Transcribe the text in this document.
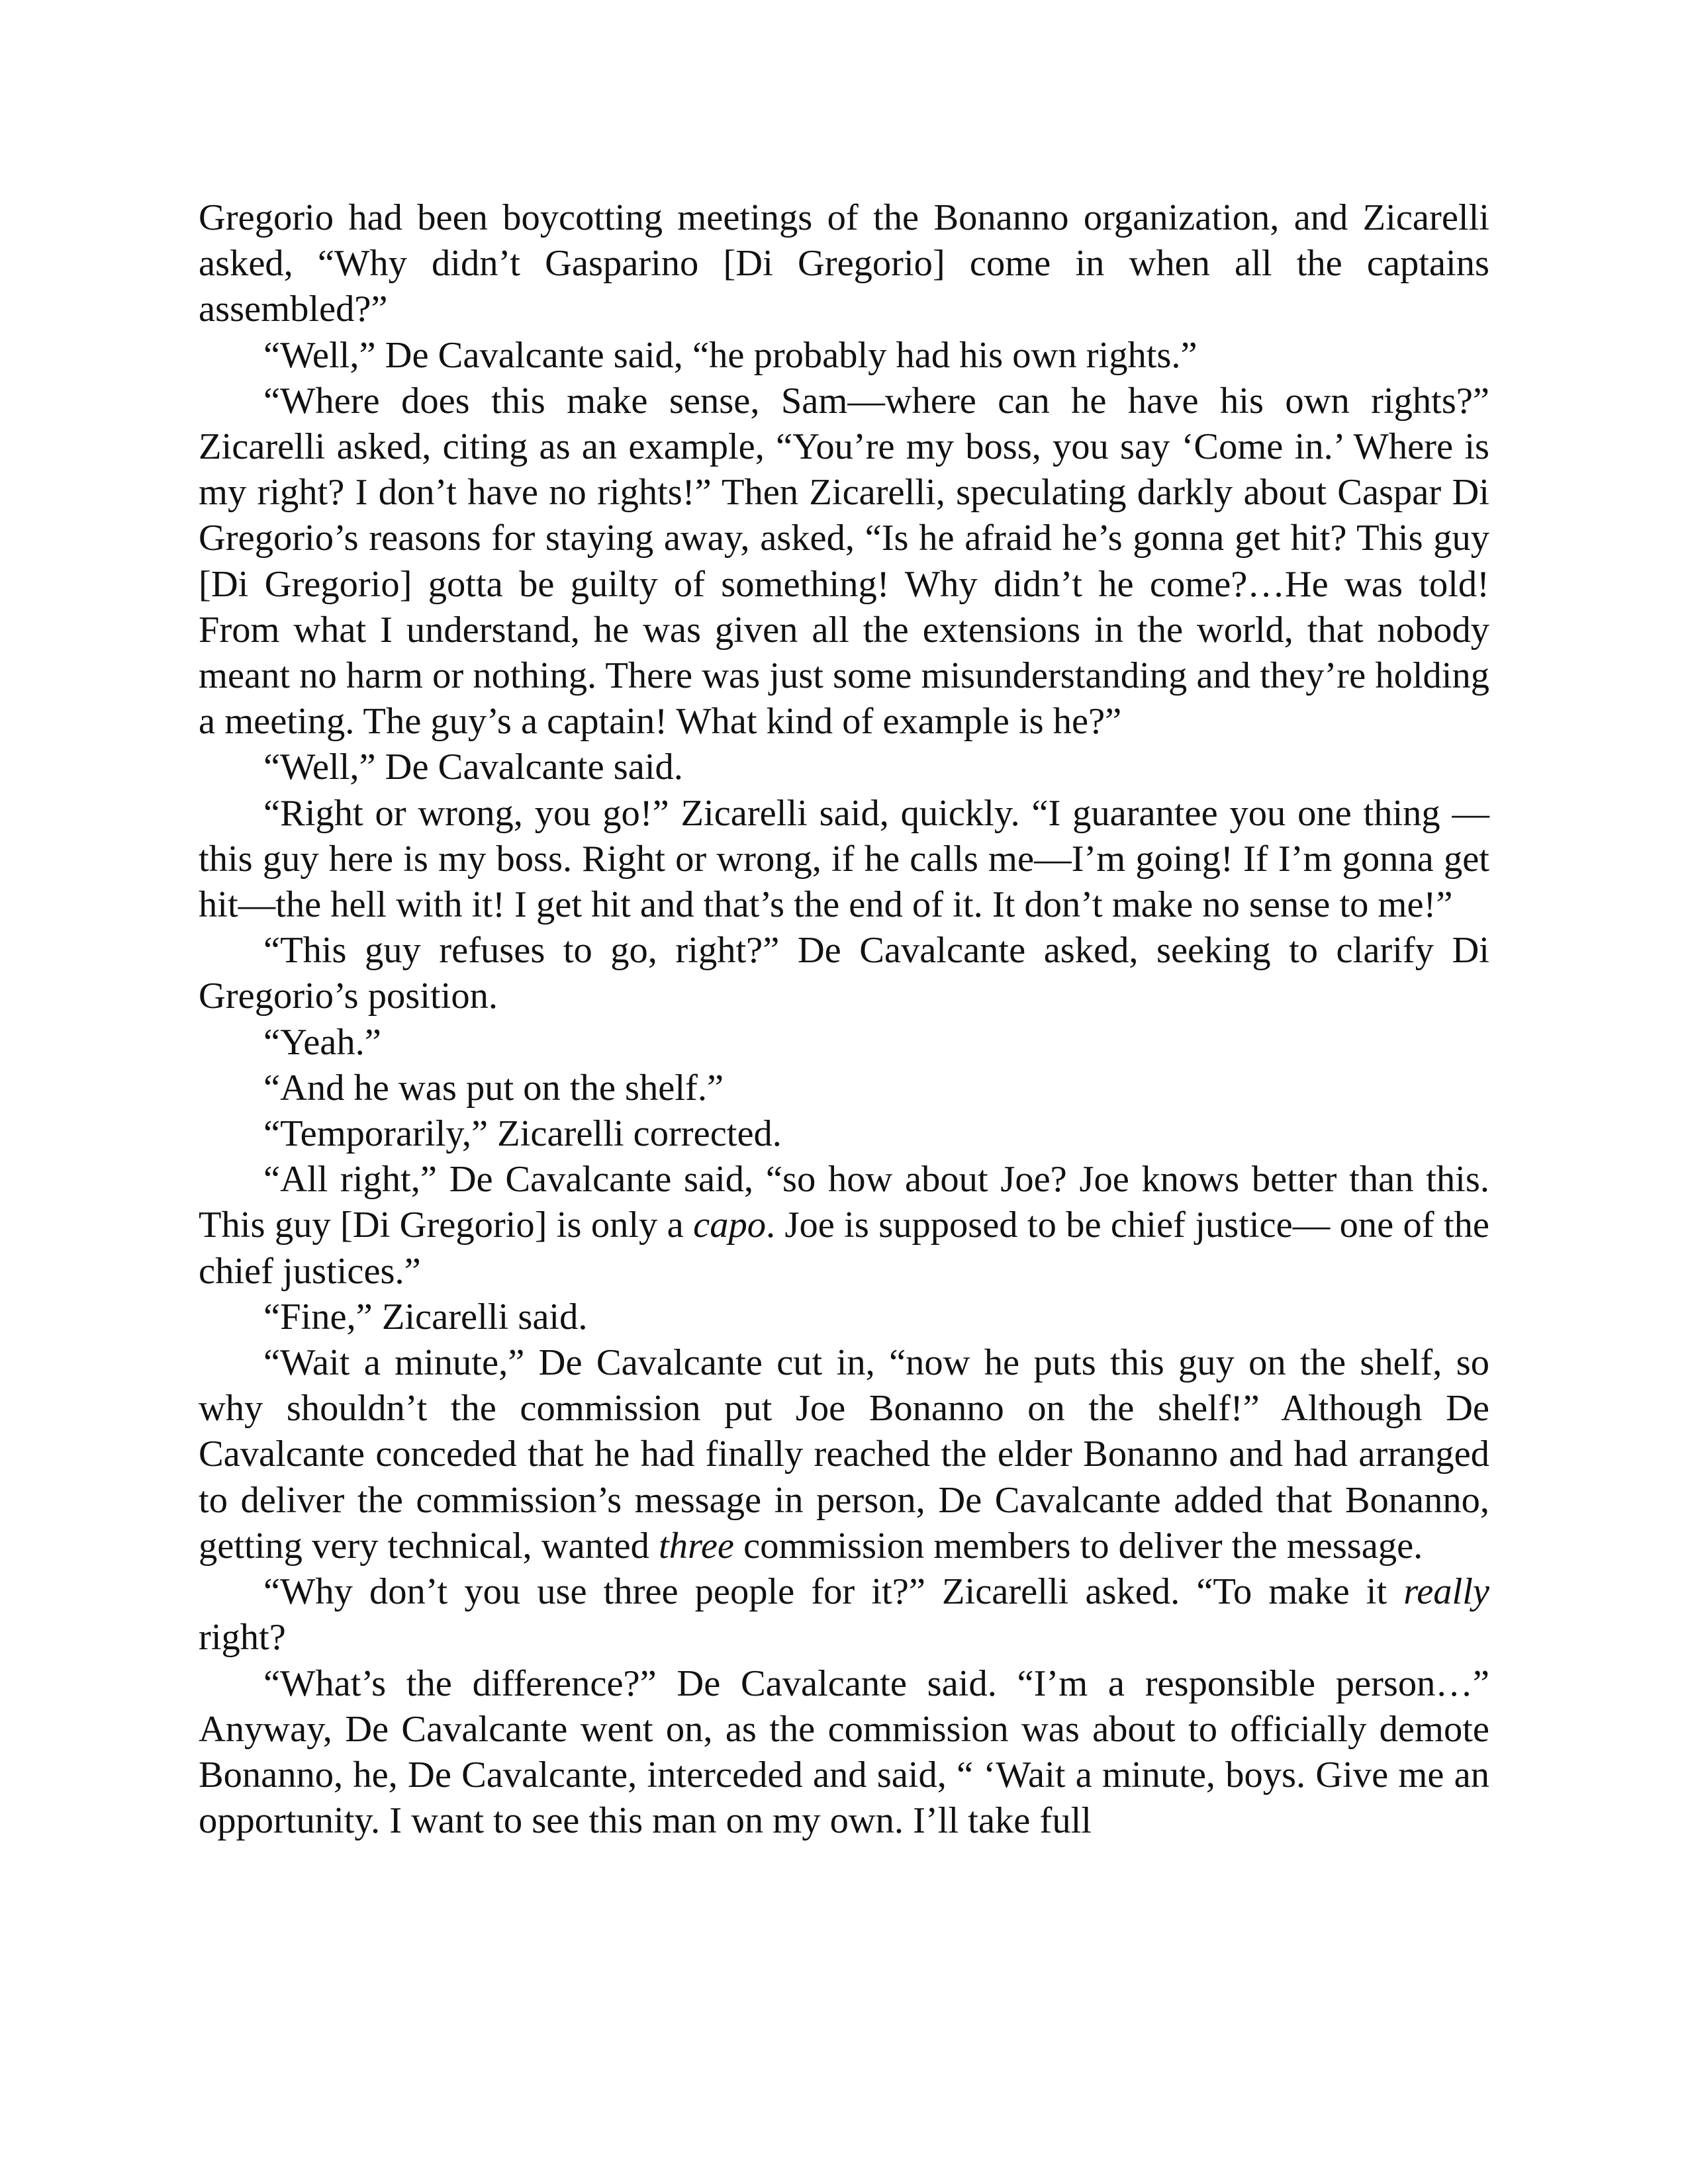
Gregorio had been boycotting meetings of the Bonanno organization, and Zicarelli asked, “Why didn’t Gasparino [Di Gregorio] come in when all the captains assembled?”

“Well,” De Cavalcante said, “he probably had his own rights.”

“Where does this make sense, Sam—where can he have his own rights?” Zicarelli asked, citing as an example, “You’re my boss, you say ‘Come in.’ Where is my right? I don’t have no rights!” Then Zicarelli, speculating darkly about Caspar Di Gregorio’s reasons for staying away, asked, “Is he afraid he’s gonna get hit? This guy [Di Gregorio] gotta be guilty of something! Why didn’t he come?…He was told! From what I understand, he was given all the extensions in the world, that nobody meant no harm or nothing. There was just some misunderstanding and they’re holding a meeting. The guy’s a captain! What kind of example is he?”

“Well,” De Cavalcante said.

“Right or wrong, you go!” Zicarelli said, quickly. “I guarantee you one thing —this guy here is my boss. Right or wrong, if he calls me—I’m going! If I’m gonna get hit—the hell with it! I get hit and that’s the end of it. It don’t make no sense to me!”

“This guy refuses to go, right?” De Cavalcante asked, seeking to clarify Di Gregorio’s position.

“Yeah.”

“And he was put on the shelf.”

“Temporarily,” Zicarelli corrected.

“All right,” De Cavalcante said, “so how about Joe? Joe knows better than this. This guy [Di Gregorio] is only a capo. Joe is supposed to be chief justice— one of the chief justices.”

“Fine,” Zicarelli said.

“Wait a minute,” De Cavalcante cut in, “now he puts this guy on the shelf, so why shouldn’t the commission put Joe Bonanno on the shelf!” Although De Cavalcante conceded that he had finally reached the elder Bonanno and had arranged to deliver the commission’s message in person, De Cavalcante added that Bonanno, getting very technical, wanted three commission members to deliver the message.

“Why don’t you use three people for it?” Zicarelli asked. “To make it really right?

“What’s the difference?” De Cavalcante said. “I’m a responsible person…” Anyway, De Cavalcante went on, as the commission was about to officially demote Bonanno, he, De Cavalcante, interceded and said, “ ‘Wait a minute, boys. Give me an opportunity. I want to see this man on my own. I’ll take full
